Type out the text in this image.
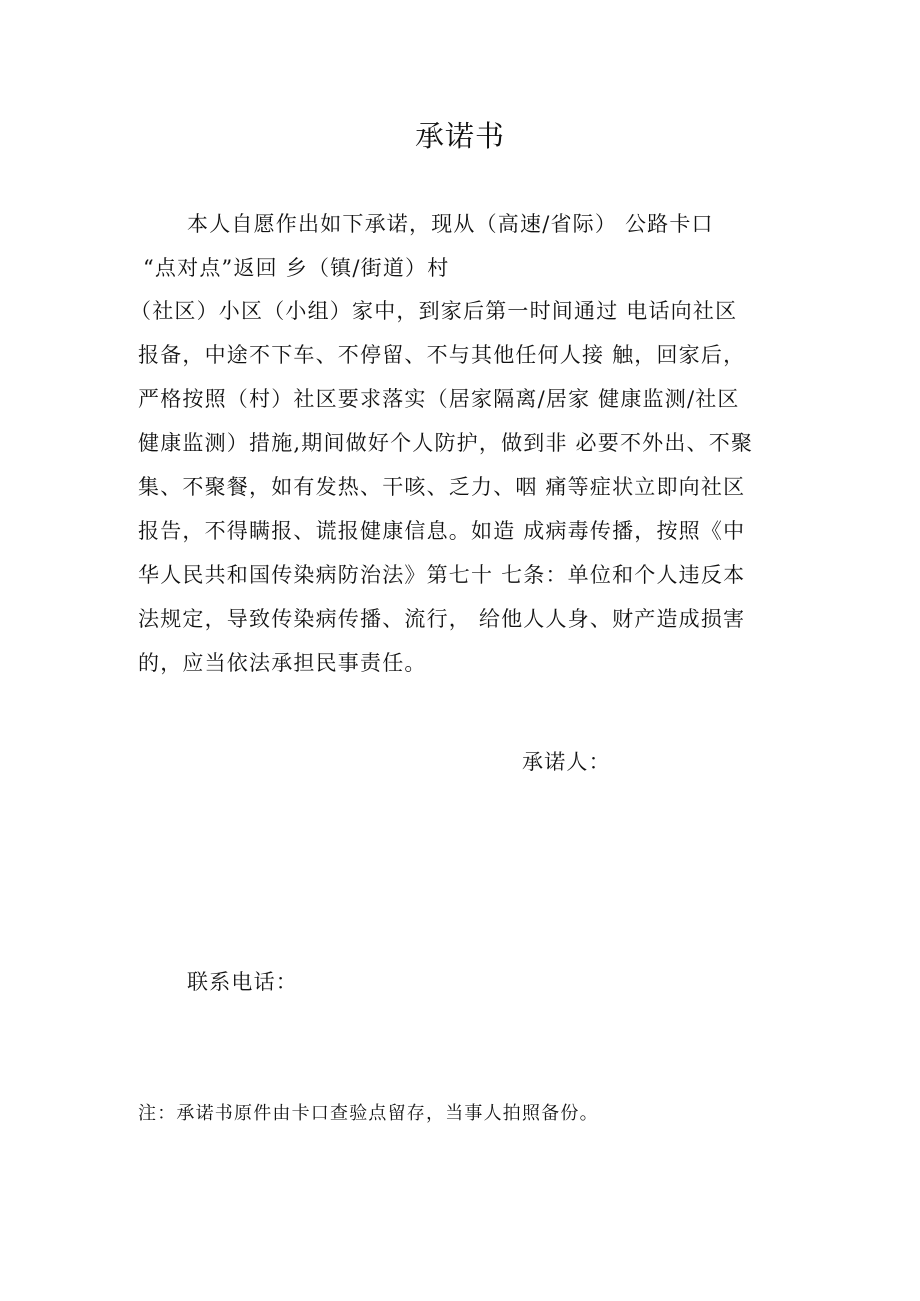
承诺书
本人自愿作出如下承诺，现从（高速/省际） 公路卡口
“点对点”返回 乡（镇/街道）村
（社区）小区（小组）家中，到家后第一时间通过 电话向社区
报备，中途不下车、不停留、不与其他任何人接 触，回家后，
严格按照（村）社区要求落实（居家隔离/居家 健康监测/社区
健康监测）措施,期间做好个人防护，做到非 必要不外出、不聚
集、不聚餐，如有发热、干咳、乏力、咽 痛等症状立即向社区
报告，不得瞒报、谎报健康信息。如造 成病毒传播，按照《中
华人民共和国传染病防治法》第七十 七条：单位和个人违反本
法规定，导致传染病传播、流行， 给他人人身、财产造成损害
的，应当依法承担民事责任。
承诺人：
联系电话：
注：承诺书原件由卡口查验点留存，当事人拍照备份。
